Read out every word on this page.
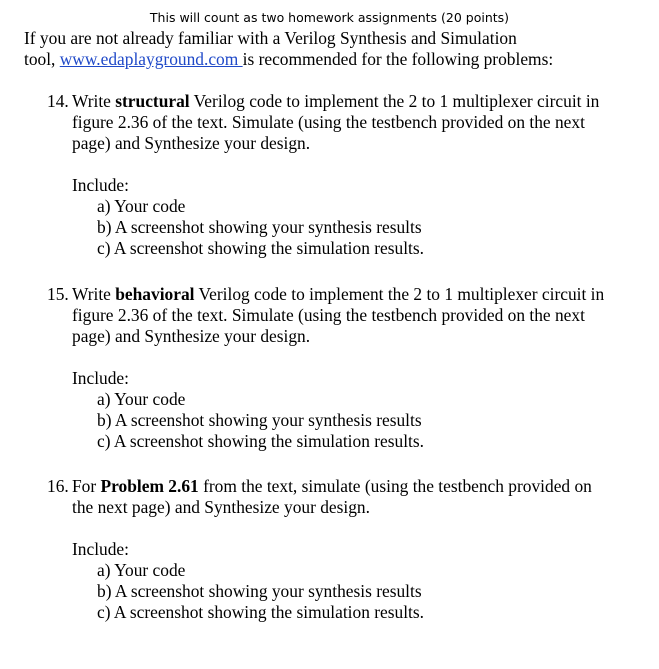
This will count as two homework assignments (20 points)
If you are not already familiar with a Verilog Synthesis and Simulation
tool, www.edaplayground.com is recommended for the following problems:
14. Write structural Verilog code to implement the 2 to 1 multiplexer circuit in
figure 2.36 of the text. Simulate (using the testbench provided on the next
page) and Synthesize your design.
Include:
a) Your code
b) A screenshot showing your synthesis results
c) A screenshot showing the simulation results.
15. Write behavioral Verilog code to implement the 2 to 1 multiplexer circuit in
figure 2.36 of the text. Simulate (using the testbench provided on the next
page) and Synthesize your design.
Include:
a) Your code
b) A screenshot showing your synthesis results
c) A screenshot showing the simulation results.
16. For Problem 2.61 from the text, simulate (using the testbench provided on
the next page) and Synthesize your design.
Include:
a) Your code
b) A screenshot showing your synthesis results
c) A screenshot showing the simulation results.
